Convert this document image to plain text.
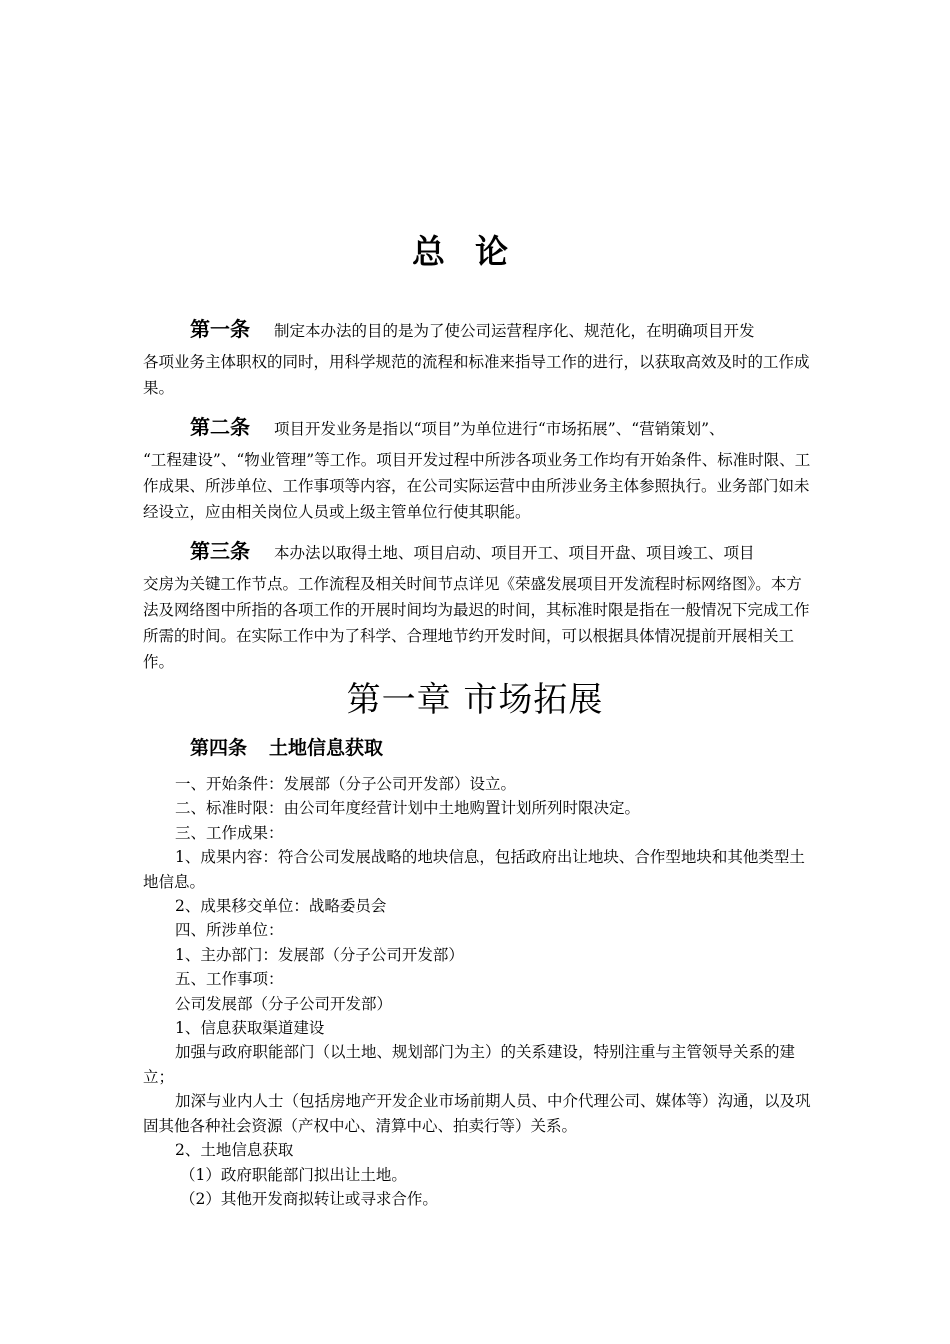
总论
第一条 制定本办法的目的是为了使公司运营程序化、规范化，在明确项目开发
各项业务主体职权的同时，用科学规范的流程和标准来指导工作的进行，以获取高效及时的工作成果。
第二条 项目开发业务是指以“项目”为单位进行“市场拓展”、“营销策划”、
“工程建设”、“物业管理”等工作。项目开发过程中所涉各项业务工作均有开始条件、标准时限、工作成果、所涉单位、工作事项等内容，在公司实际运营中由所涉业务主体参照执行。业务部门如未经设立，应由相关岗位人员或上级主管单位行使其职能。
第三条 本办法以取得土地、项目启动、项目开工、项目开盘、项目竣工、项目
交房为关键工作节点。工作流程及相关时间节点详见《荣盛发展项目开发流程时标网络图》。本方法及网络图中所指的各项工作的开展时间均为最迟的时间，其标准时限是指在一般情况下完成工作所需的时间。在实际工作中为了科学、合理地节约开发时间，可以根据具体情况提前开展相关工作。
第一章 市场拓展
第四条 土地信息获取
一、开始条件：发展部（分子公司开发部）设立。
二、标准时限：由公司年度经营计划中土地购置计划所列时限决定。
三、工作成果：
1、成果内容：符合公司发展战略的地块信息，包括政府出让地块、合作型地块和其他类型土地信息。
2、成果移交单位：战略委员会
四、所涉单位：
1、主办部门：发展部（分子公司开发部）
五、工作事项：
公司发展部（分子公司开发部）
1、信息获取渠道建设
加强与政府职能部门（以土地、规划部门为主）的关系建设，特别注重与主管领导关系的建立；
加深与业内人士（包括房地产开发企业市场前期人员、中介代理公司、媒体等）沟通，以及巩固其他各种社会资源（产权中心、清算中心、拍卖行等）关系。
2、土地信息获取
（1）政府职能部门拟出让土地。
（2）其他开发商拟转让或寻求合作。
